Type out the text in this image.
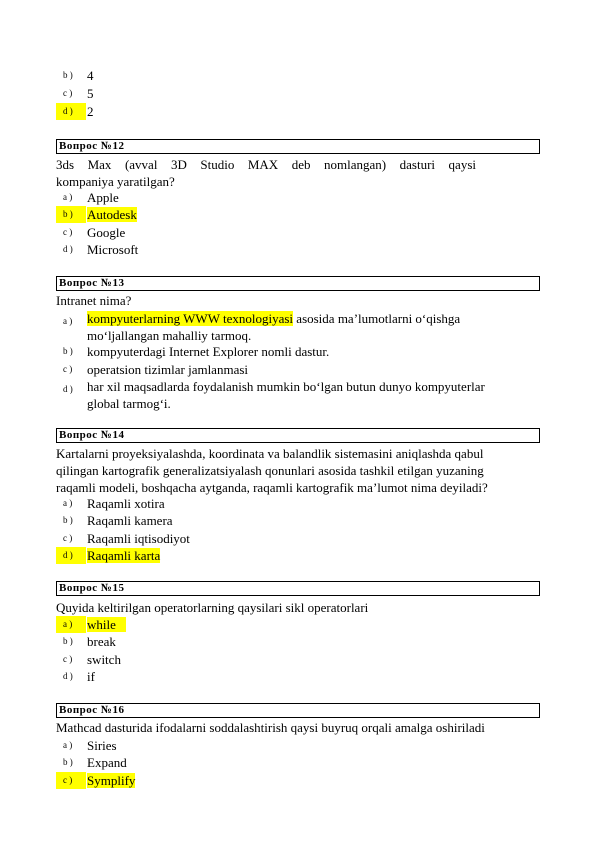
b )	4
c )	5
d )	2
Вопрос №12
3ds Max (avval 3D Studio MAX deb nomlangan) dasturi qaysi
kompaniya yaratilgan?
a )	Apple
b )	Autodesk
c )	Google
d )	Microsoft
Вопрос №13
Intranet nima?
a )	kompyuterlarning WWW texnologiyasi asosida ma’lumotlarni o‘qishga
mo‘ljallangan mahalliy tarmoq.
b )	kompyuterdagi Internet Explorer nomli dastur.
c )	operatsion tizimlar jamlanmasi
d )	har xil maqsadlarda foydalanish mumkin bo‘lgan butun dunyo kompyuterlar
global tarmog‘i.
Вопрос №14
Kartalarni proyeksiyalashda, koordinata va balandlik sistemasini aniqlashda qabul
qilingan kartografik generalizatsiyalash qonunlari asosida tashkil etilgan yuzaning
raqamli modeli, boshqacha aytganda, raqamli kartografik ma’lumot nima deyiladi?
a )	Raqamli xotira
b )	Raqamli kamera
c )	Raqamli iqtisodiyot
d )	Raqamli karta
Вопрос №15
Quyida keltirilgan operatorlarning qaysilari sikl operatorlari
a )	while
b )	break
c )	switch
d )	if
Вопрос №16
Mathcad dasturida ifodalarni soddalashtirish qaysi buyruq orqali amalga oshiriladi
a )	Siries
b )	Expand
c )	Symplify
